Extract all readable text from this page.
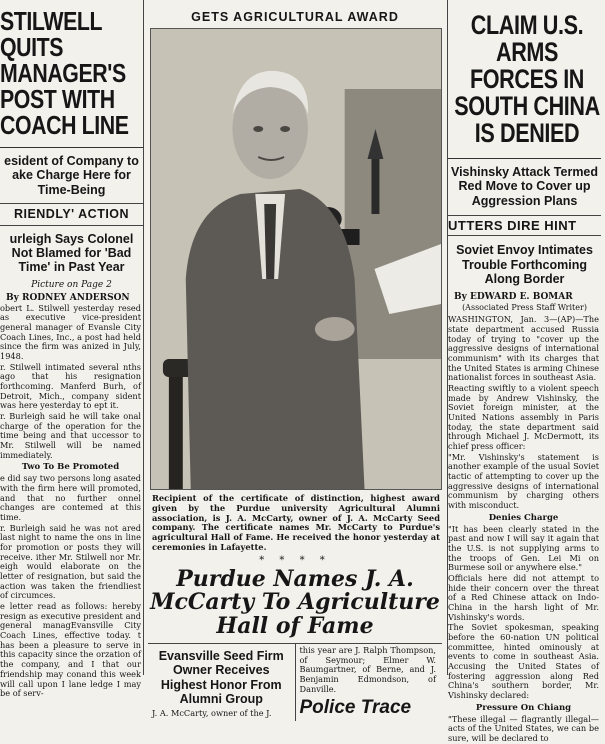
STILWELL QUITS MANAGER'S POST WITH COACH LINE
esident of Company to ake Charge Here for Time-Being
RIENDLY' ACTION
urleigh Says Colonel Not Blamed for 'Bad Time' in Past Year
Picture on Page 2
By RODNEY ANDERSON

obert L. Stilwell yesterday resed as executive vice-president general manager of Evansle City Coach Lines, Inc., a post had held since the firm was anized in July, 1948.

r. Stilwell intimated several nths ago that his resignation forthcoming. Manferd Burh, of Detroit, Mich., company sident was here yesterday to ept it.

r. Burleigh said he will take onal charge of the operation for the time being and that uccessor to Mr. Stilwell will be named immediately.

Two To Be Promoted

e did say two persons long asated with the firm here will promoted, and that no further onnel changes are contemed at this time.

r. Burleigh said he was not ared last night to name the ons in line for promotion or posts they will receive. ither Mr. Stilwell nor Mr. eigh would elaborate on the letter of resignation, but said the action was taken the friendliest of circumces.

e letter read as follows: hereby resign as executive president and general managEvansville City Coach Lines, effective today. t has been a pleasure to serve in this capacity since the orzation of the company, and I that our friendship may conand this week will call upon I lane ledge I may be of serv-

GETS AGRICULTURAL AWARD
Recipient of the certificate of distinction, highest award given by the Purdue university Agricultural Alumni association, is J. A. McCarty, owner of J. A. McCarty Seed company. The certificate names Mr. McCarty to Purdue's agricultural Hall of Fame. He received the honor yesterday at ceremonies in Lafayette.
* * * *
Purdue Names J. A. McCarty To Agriculture Hall of Fame
Evansville Seed Firm Owner Receives Highest Honor From Alumni Group
J. A. McCarty, owner of the J.
this year are J. Ralph Thompson, of Seymour; Elmer W. Baumgartner, of Berne, and J. Benjamin Edmondson, of Danville.
Police Trace
CLAIM U.S. ARMS FORCES IN SOUTH CHINA IS DENIED
Vishinsky Attack Termed Red Move to Cover up Aggression Plans
UTTERS DIRE HINT
Soviet Envoy Intimates Trouble Forthcoming Along Border
By EDWARD E. BOMAR
(Associated Press Staff Writer)

WASHINGTON, Jan. 3—(AP)—The state department accused Russia today of trying to "cover up the aggressive designs of international communism" with its charges that the United States is arming Chinese nationalist forces in southeast Asia.

Reacting swiftly to a violent speech made by Andrew Vishinsky, the Soviet foreign minister, at the United Nations assembly in Paris today, the state department said through Michael J. McDermott, its chief press officer:

"Mr. Vishinsky's statement is another example of the usual Soviet tactic of attempting to cover up the aggressive designs of international communism by charging others with misconduct.

Denies Charge

"It has been clearly stated in the past and now I will say it again that the U.S. is not supplying arms to the troops of Gen. Lei Mi on Burmese soil or anywhere else."

Officials here did not attempt to hide their concern over the threat of a Red Chinese attack on Indo-China in the harsh light of Mr. Vishinsky's words.

The Soviet spokesman, speaking before the 60-nation UN political committee, hinted ominously at events to come in southeast Asia. Accusing the United States of fostering aggression along Red China's southern border, Mr. Vishinsky declared:

Pressure On Chiang

"These illegal — flagrantly illegal—acts of the United States, we can be sure, will be declared to
